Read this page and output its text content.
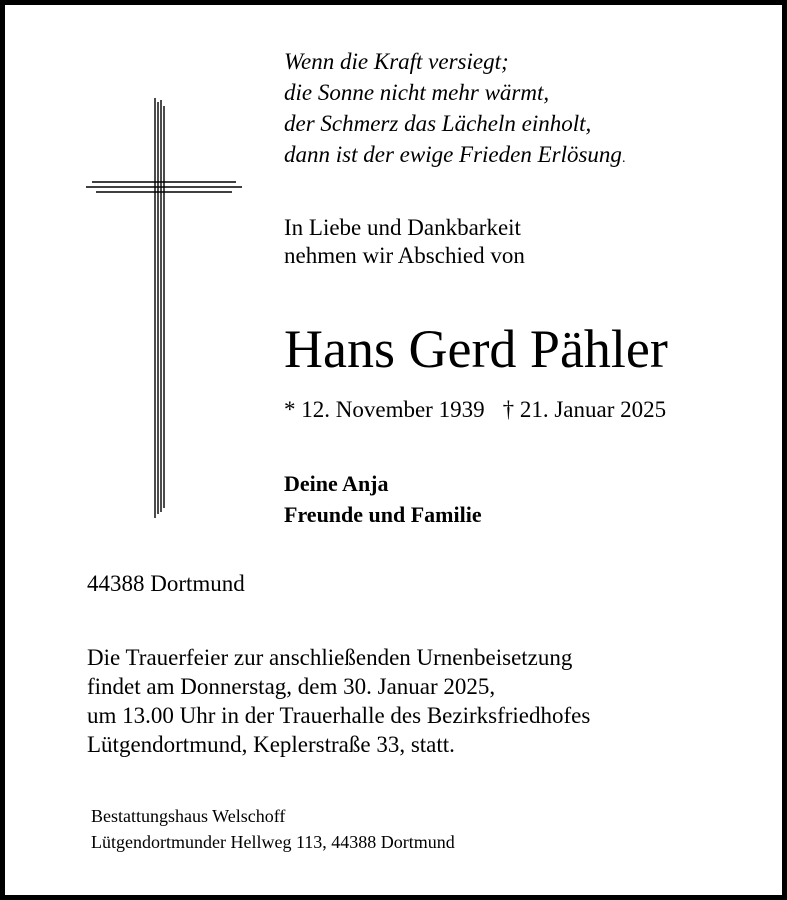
Wenn die Kraft versiegt;
die Sonne nicht mehr wärmt,
der Schmerz das Lächeln einholt,
dann ist der ewige Frieden Erlösung.
In Liebe und Dankbarkeit
nehmen wir Abschied von
Hans Gerd Pähler
* 12. November 1939 † 21. Januar 2025
Deine Anja
Freunde und Familie
44388 Dortmund
Die Trauerfeier zur anschließenden Urnenbeisetzung
findet am Donnerstag, dem 30. Januar 2025,
um 13.00 Uhr in der Trauerhalle des Bezirksfriedhofes
Lütgendortmund, Keplerstraße 33, statt.
Bestattungshaus Welschoff
Lütgendortmunder Hellweg 113, 44388 Dortmund
